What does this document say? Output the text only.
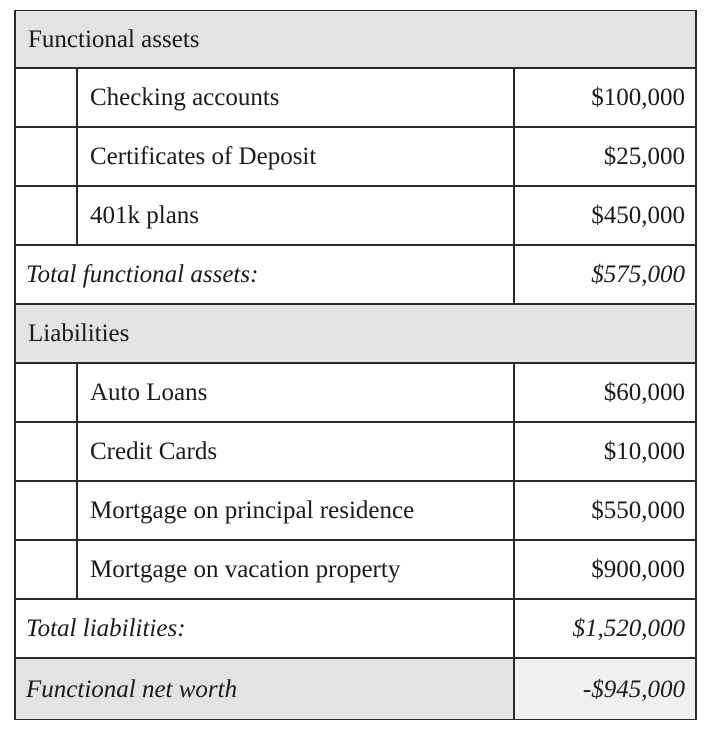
Functional assets
Checking accounts	$100,000
Certificates of Deposit	$25,000
401k plans	$450,000
Total functional assets:	$575,000
Liabilities
Auto Loans	$60,000
Credit Cards	$10,000
Mortgage on principal residence	$550,000
Mortgage on vacation property	$900,000
Total liabilities:	$1,520,000
Functional net worth	-$945,000
